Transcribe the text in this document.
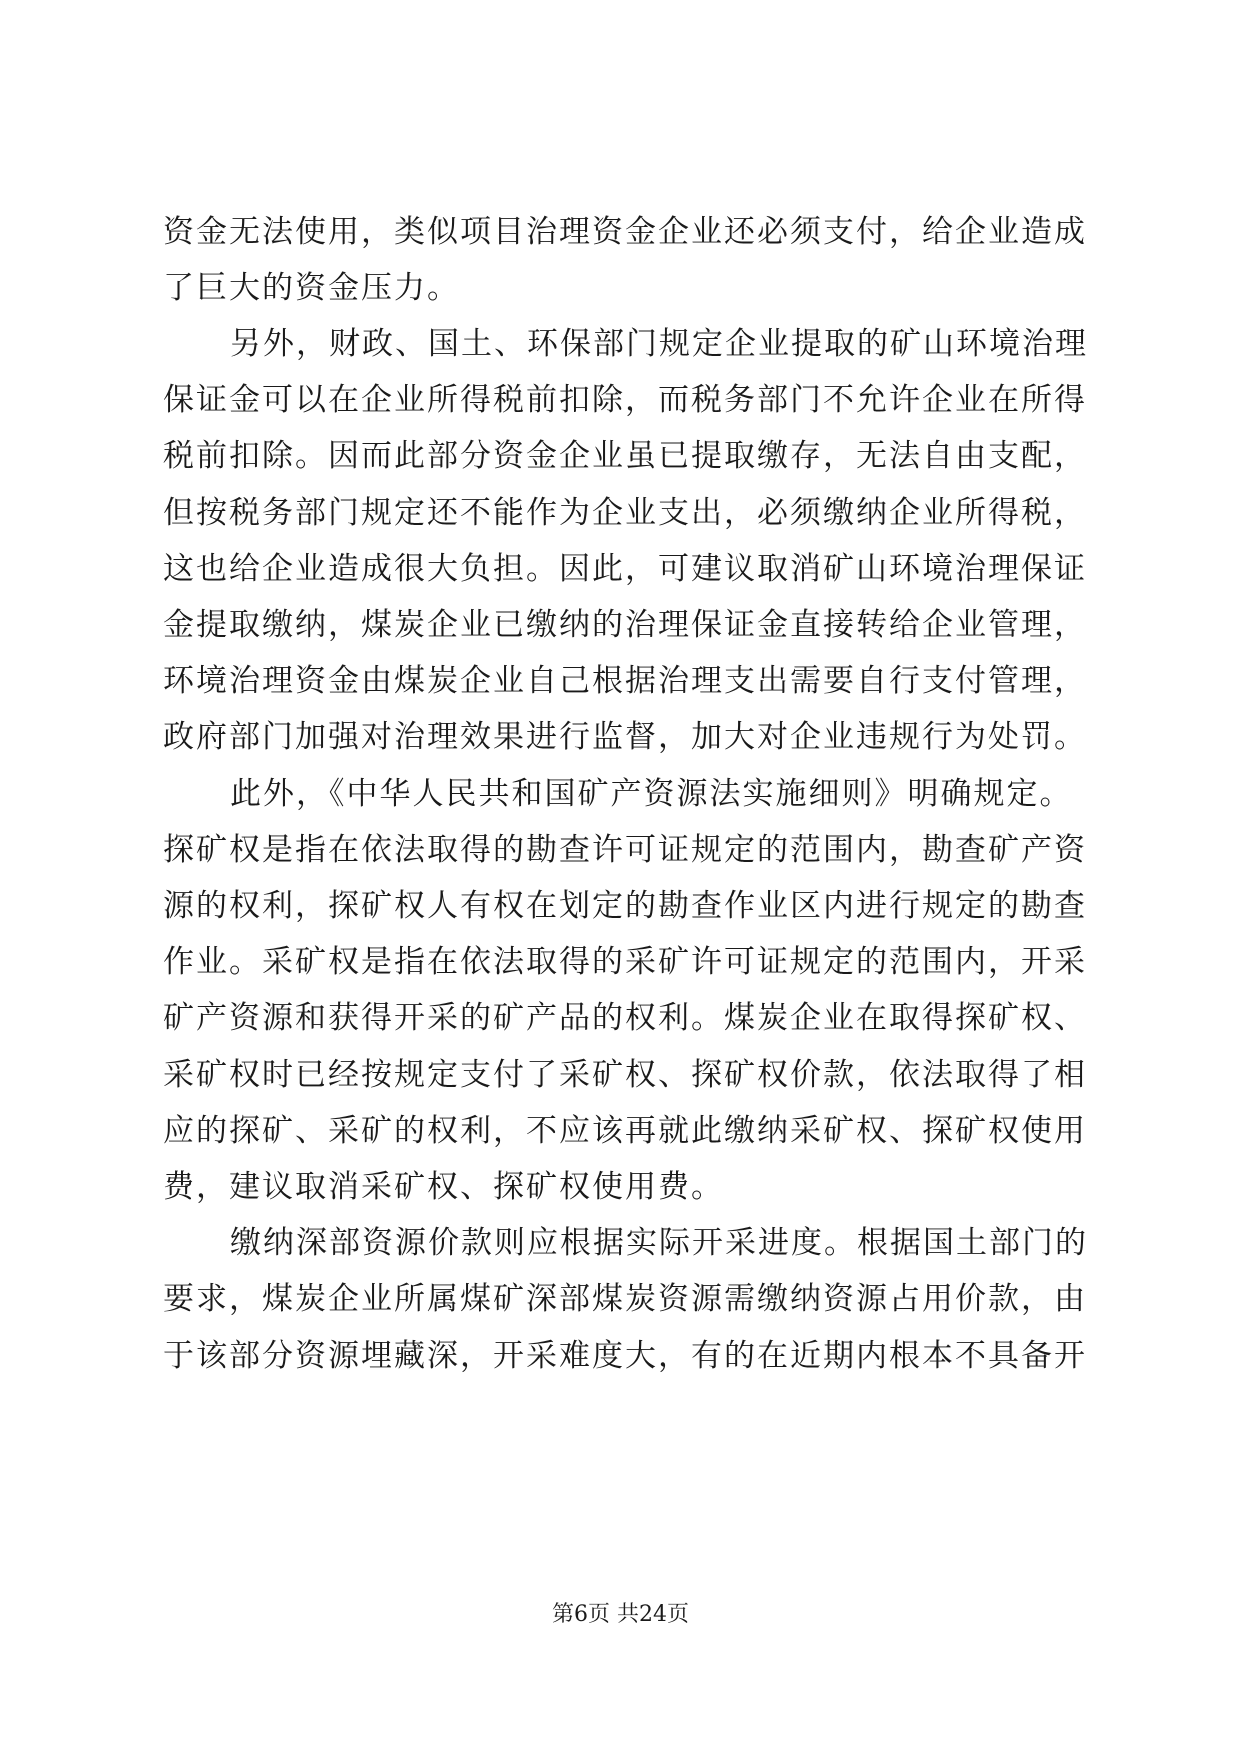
资金无法使用，类似项目治理资金企业还必须支付，给企业造成
了巨大的资金压力。
另外，财政、国土、环保部门规定企业提取的矿山环境治理
保证金可以在企业所得税前扣除，而税务部门不允许企业在所得
税前扣除。因而此部分资金企业虽已提取缴存，无法自由支配，
但按税务部门规定还不能作为企业支出，必须缴纳企业所得税，
这也给企业造成很大负担。因此，可建议取消矿山环境治理保证
金提取缴纳，煤炭企业已缴纳的治理保证金直接转给企业管理，
环境治理资金由煤炭企业自己根据治理支出需要自行支付管理，
政府部门加强对治理效果进行监督，加大对企业违规行为处罚。
此外，《中华人民共和国矿产资源法实施细则》明确规定。
探矿权是指在依法取得的勘查许可证规定的范围内，勘查矿产资
源的权利，探矿权人有权在划定的勘查作业区内进行规定的勘查
作业。采矿权是指在依法取得的采矿许可证规定的范围内，开采
矿产资源和获得开采的矿产品的权利。煤炭企业在取得探矿权、
采矿权时已经按规定支付了采矿权、探矿权价款，依法取得了相
应的探矿、采矿的权利，不应该再就此缴纳采矿权、探矿权使用
费，建议取消采矿权、探矿权使用费。
缴纳深部资源价款则应根据实际开采进度。根据国土部门的
要求，煤炭企业所属煤矿深部煤炭资源需缴纳资源占用价款，由
于该部分资源埋藏深，开采难度大，有的在近期内根本不具备开
第6页 共24页
